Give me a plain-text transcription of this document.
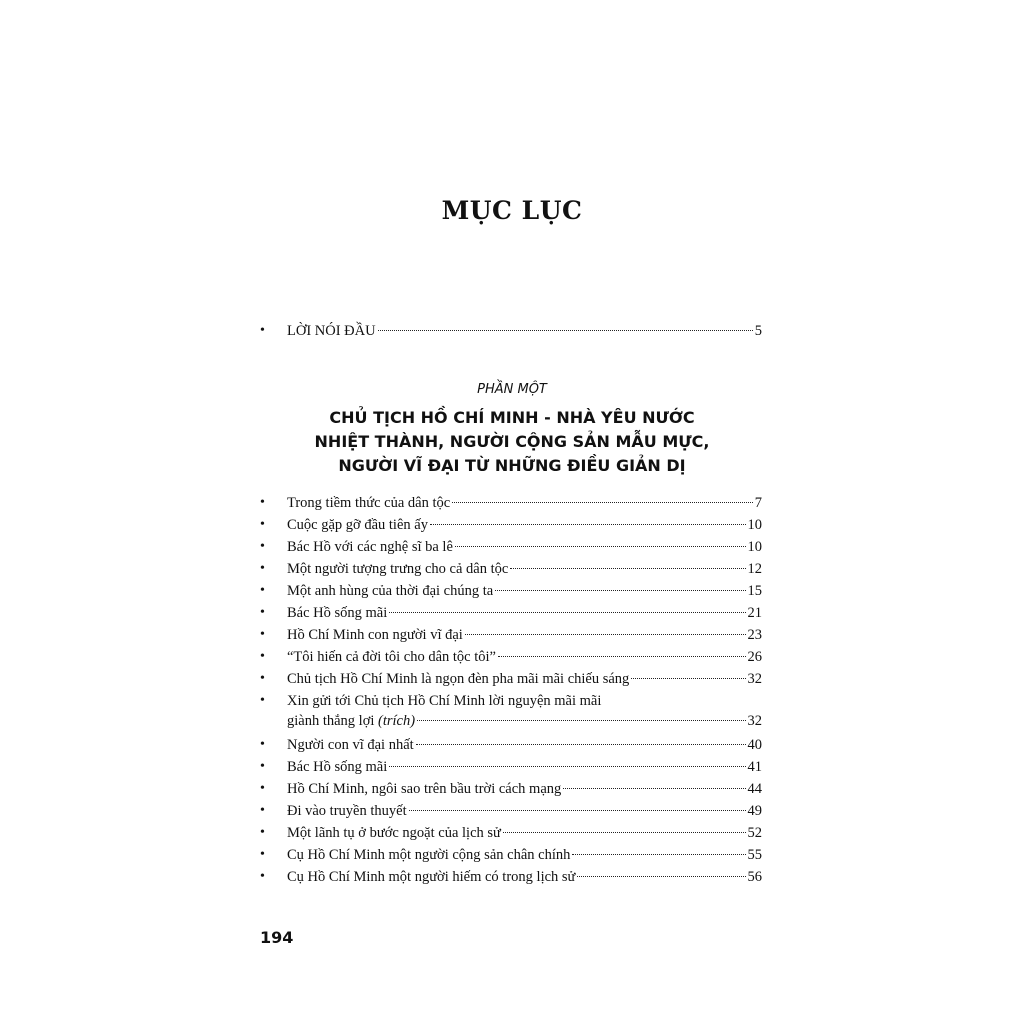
MỤC LỤC
•	LỜI NÓI ĐẦU	5
PHẦN MỘT
CHỦ TỊCH HỒ CHÍ MINH - NHÀ YÊU NƯỚC
NHIỆT THÀNH, NGƯỜI CỘNG SẢN MẪU MỰC,
NGƯỜI VĨ ĐẠI TỪ NHỮNG ĐIỀU GIẢN DỊ
•	Trong tiềm thức của dân tộc	7
•	Cuộc gặp gỡ đầu tiên ấy	10
•	Bác Hồ với các nghệ sĩ ba lê	10
•	Một người tượng trưng cho cả dân tộc	12
•	Một anh hùng của thời đại chúng ta	15
•	Bác Hồ sống mãi	21
•	Hồ Chí Minh con người vĩ đại	23
•	“Tôi hiến cả đời tôi cho dân tộc tôi”	26
•	Chủ tịch Hồ Chí Minh là ngọn đèn pha mãi mãi chiếu sáng	32
•	Xin gửi tới Chủ tịch Hồ Chí Minh lời nguyện mãi mãi
giành thắng lợi (trích)	32
•	Người con vĩ đại nhất	40
•	Bác Hồ sống mãi	41
•	Hồ Chí Minh, ngôi sao trên bầu trời cách mạng	44
•	Đi vào truyền thuyết	49
•	Một lãnh tụ ở bước ngoặt của lịch sử	52
•	Cụ Hồ Chí Minh một người cộng sản chân chính	55
•	Cụ Hồ Chí Minh một người hiếm có trong lịch sử	56
194
